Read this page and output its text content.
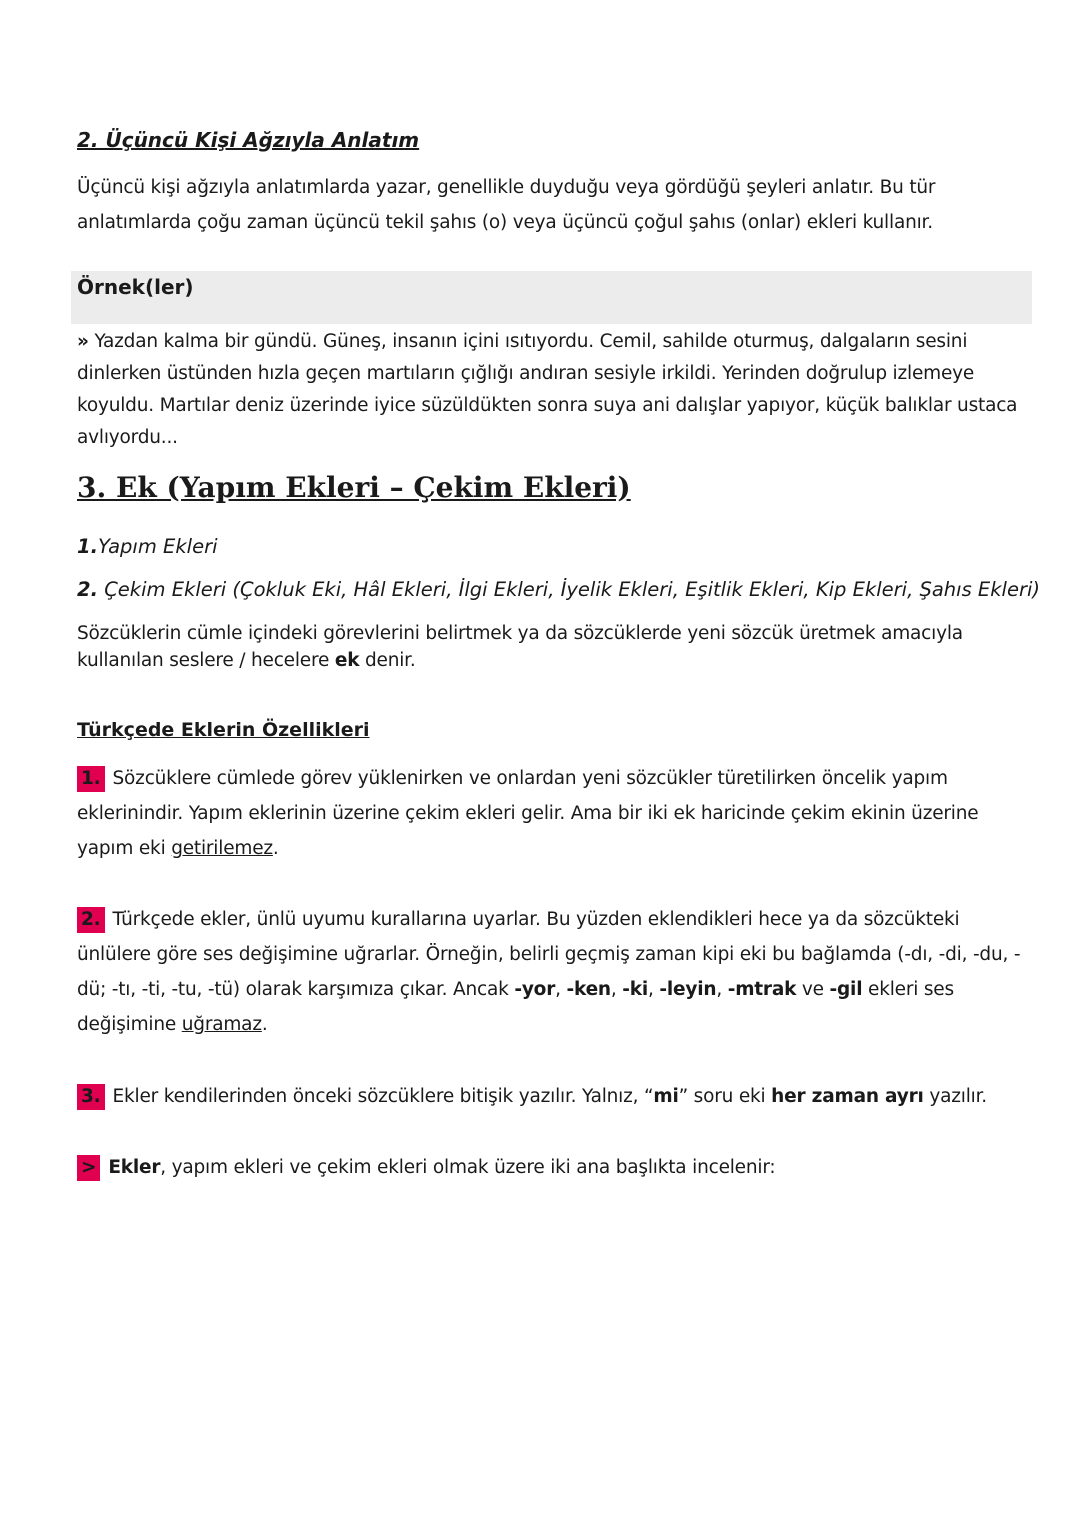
2. Üçüncü Kişi Ağzıyla Anlatım

Üçüncü kişi ağzıyla anlatımlarda yazar, genellikle duyduğu veya gördüğü şeyleri anlatır. Bu tür anlatımlarda çoğu zaman üçüncü tekil şahıs (o) veya üçüncü çoğul şahıs (onlar) ekleri kullanır.

Örnek(ler)

» Yazdan kalma bir gündü. Güneş, insanın içini ısıtıyordu. Cemil, sahilde oturmuş, dalgaların sesini dinlerken üstünden hızla geçen martıların çığlığı andıran sesiyle irkildi. Yerinden doğrulup izlemeye koyuldu. Martılar deniz üzerinde iyice süzüldükten sonra suya ani dalışlar yapıyor, küçük balıklar ustaca avlıyordu...

3. Ek (Yapım Ekleri – Çekim Ekleri)

1.Yapım Ekleri

2. Çekim Ekleri (Çokluk Eki, Hâl Ekleri, İlgi Ekleri, İyelik Ekleri, Eşitlik Ekleri, Kip Ekleri, Şahıs Ekleri)

Sözcüklerin cümle içindeki görevlerini belirtmek ya da sözcüklerde yeni sözcük üretmek amacıyla kullanılan seslere / hecelere ek denir.

Türkçede Eklerin Özellikleri

1. Sözcüklere cümlede görev yüklenirken ve onlardan yeni sözcükler türetilirken öncelik yapım eklerinindir. Yapım eklerinin üzerine çekim ekleri gelir. Ama bir iki ek haricinde çekim ekinin üzerine yapım eki getirilemez.

2. Türkçede ekler, ünlü uyumu kurallarına uyarlar. Bu yüzden eklendikleri hece ya da sözcükteki ünlülere göre ses değişimine uğrarlar. Örneğin, belirli geçmiş zaman kipi eki bu bağlamda (-dı, -di, -du, -dü; -tı, -ti, -tu, -tü) olarak karşımıza çıkar. Ancak -yor, -ken, -ki, -leyin, -mtrak ve -gil ekleri ses değişimine uğramaz.

3. Ekler kendilerinden önceki sözcüklere bitişik yazılır. Yalnız, “mi” soru eki her zaman ayrı yazılır.

> Ekler, yapım ekleri ve çekim ekleri olmak üzere iki ana başlıkta incelenir:
